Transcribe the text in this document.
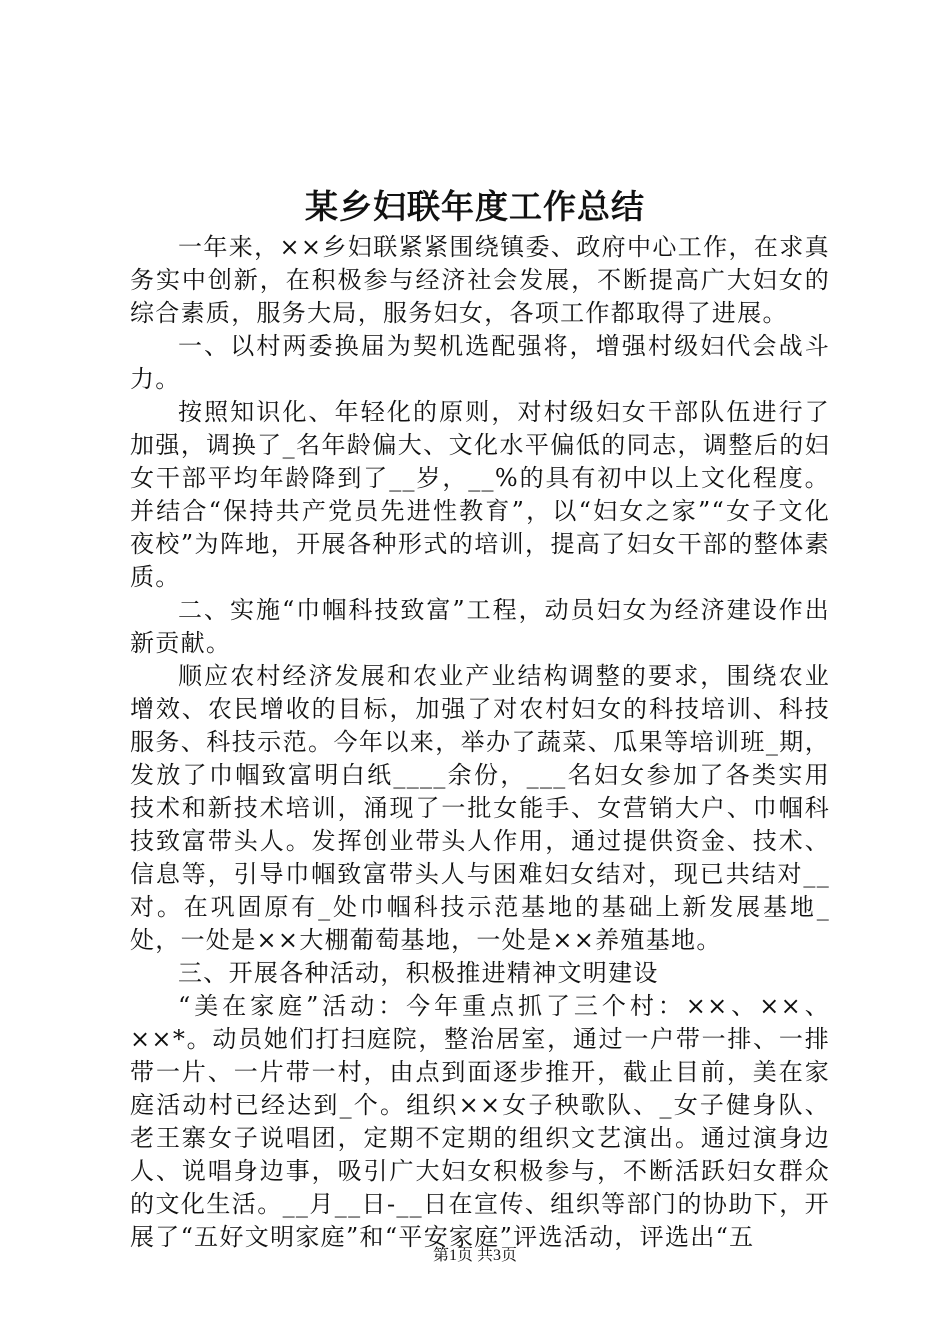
某乡妇联年度工作总结

一年来，××乡妇联紧紧围绕镇委、政府中心工作，在求真务实中创新，在积极参与经济社会发展，不断提高广大妇女的综合素质，服务大局，服务妇女，各项工作都取得了进展。

一、以村两委换届为契机选配强将，增强村级妇代会战斗力。

按照知识化、年轻化的原则，对村级妇女干部队伍进行了加强，调换了_名年龄偏大、文化水平偏低的同志，调整后的妇女干部平均年龄降到了__岁，__%的具有初中以上文化程度。并结合“保持共产党员先进性教育”，以“妇女之家”“女子文化夜校”为阵地，开展各种形式的培训，提高了妇女干部的整体素质。

二、实施“巾帼科技致富”工程，动员妇女为经济建设作出新贡献。

顺应农村经济发展和农业产业结构调整的要求，围绕农业增效、农民增收的目标，加强了对农村妇女的科技培训、科技服务、科技示范。今年以来，举办了蔬菜、瓜果等培训班_期，发放了巾帼致富明白纸____余份，___名妇女参加了各类实用技术和新技术培训，涌现了一批女能手、女营销大户、巾帼科技致富带头人。发挥创业带头人作用，通过提供资金、技术、信息等，引导巾帼致富带头人与困难妇女结对，现已共结对__对。在巩固原有_处巾帼科技示范基地的基础上新发展基地_处，一处是××大棚葡萄基地，一处是××养殖基地。

三、开展各种活动，积极推进精神文明建设

“美在家庭”活动：今年重点抓了三个村：××、××、××*。动员她们打扫庭院，整治居室，通过一户带一排、一排带一片、一片带一村，由点到面逐步推开，截止目前，美在家庭活动村已经达到_个。组织××女子秧歌队、_女子健身队、老王寨女子说唱团，定期不定期的组织文艺演出。通过演身边人、说唱身边事，吸引广大妇女积极参与，不断活跃妇女群众的文化生活。__月__日-__日在宣传、组织等部门的协助下，开展了“五好文明家庭”和“平安家庭”评选活动，评选出“五

第1页 共3页
